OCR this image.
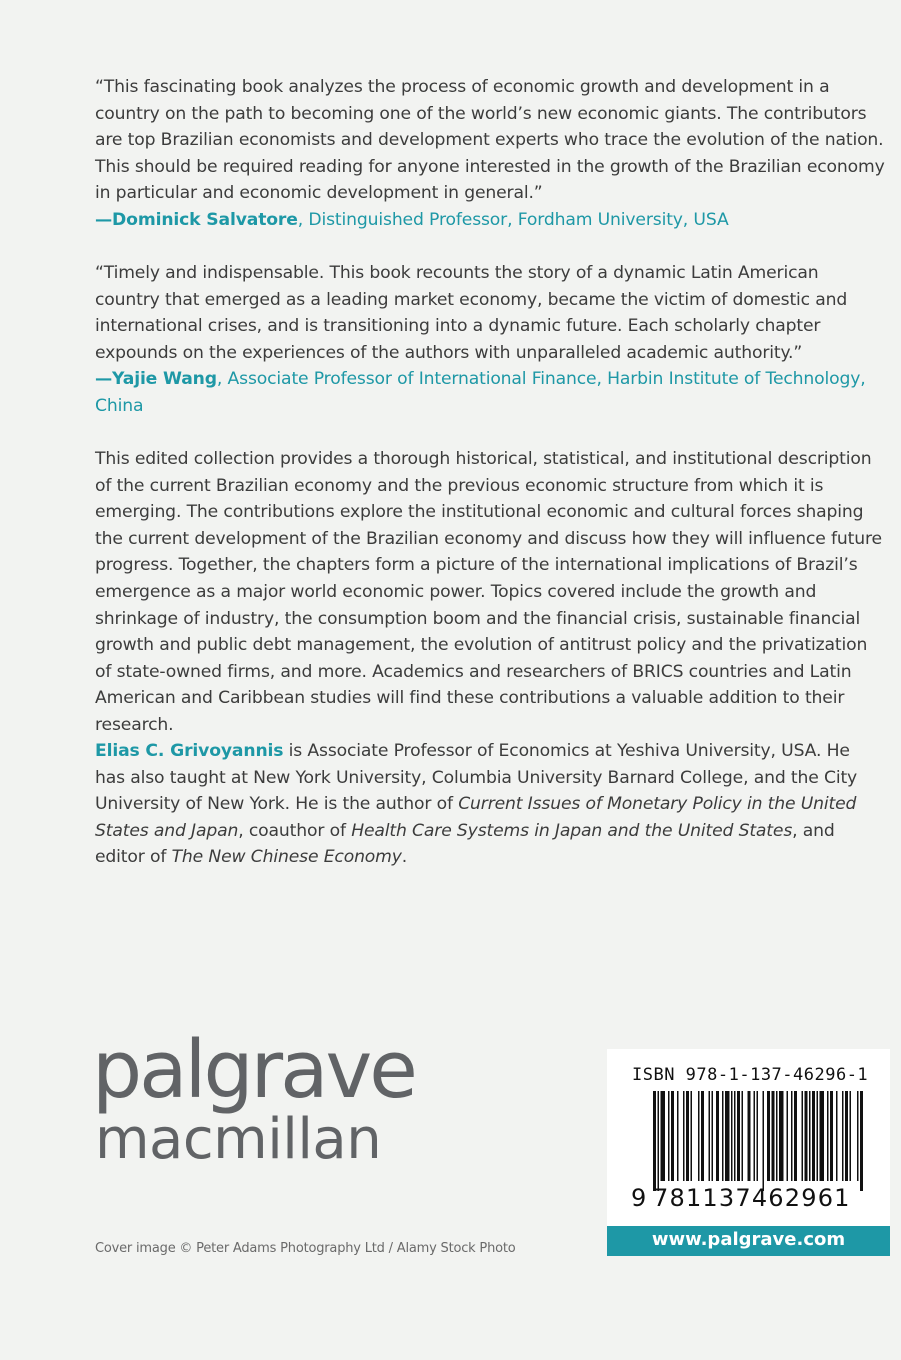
“This fascinating book analyzes the process of economic growth and development in a country on the path to becoming one of the world’s new economic giants. The contributors are top Brazilian economists and development experts who trace the evolution of the nation. This should be required reading for anyone interested in the growth of the Brazilian economy in particular and economic development in general.”
—Dominick Salvatore, Distinguished Professor, Fordham University, USA

“Timely and indispensable. This book recounts the story of a dynamic Latin American country that emerged as a leading market economy, became the victim of domestic and international crises, and is transitioning into a dynamic future. Each scholarly chapter expounds on the experiences of the authors with unparalleled academic authority.”
—Yajie Wang, Associate Professor of International Finance, Harbin Institute of Technology, China

This edited collection provides a thorough historical, statistical, and institutional description of the current Brazilian economy and the previous economic structure from which it is emerging. The contributions explore the institutional economic and cultural forces shaping the current development of the Brazilian economy and discuss how they will influence future progress. Together, the chapters form a picture of the international implications of Brazil’s emergence as a major world economic power. Topics covered include the growth and shrinkage of industry, the consumption boom and the financial crisis, sustainable financial growth and public debt management, the evolution of antitrust policy and the privatization of state-owned firms, and more. Academics and researchers of BRICS countries and Latin American and Caribbean studies will find these contributions a valuable addition to their research.

Elias C. Grivoyannis is Associate Professor of Economics at Yeshiva University, USA. He has also taught at New York University, Columbia University Barnard College, and the City University of New York. He is the author of Current Issues of Monetary Policy in the United States and Japan, coauthor of Health Care Systems in Japan and the United States, and editor of The New Chinese Economy.

palgrave
macmillan
Cover image © Peter Adams Photography Ltd / Alamy Stock Photo
ISBN 978-1-137-46296-1
9 781137462961
www.palgrave.com
